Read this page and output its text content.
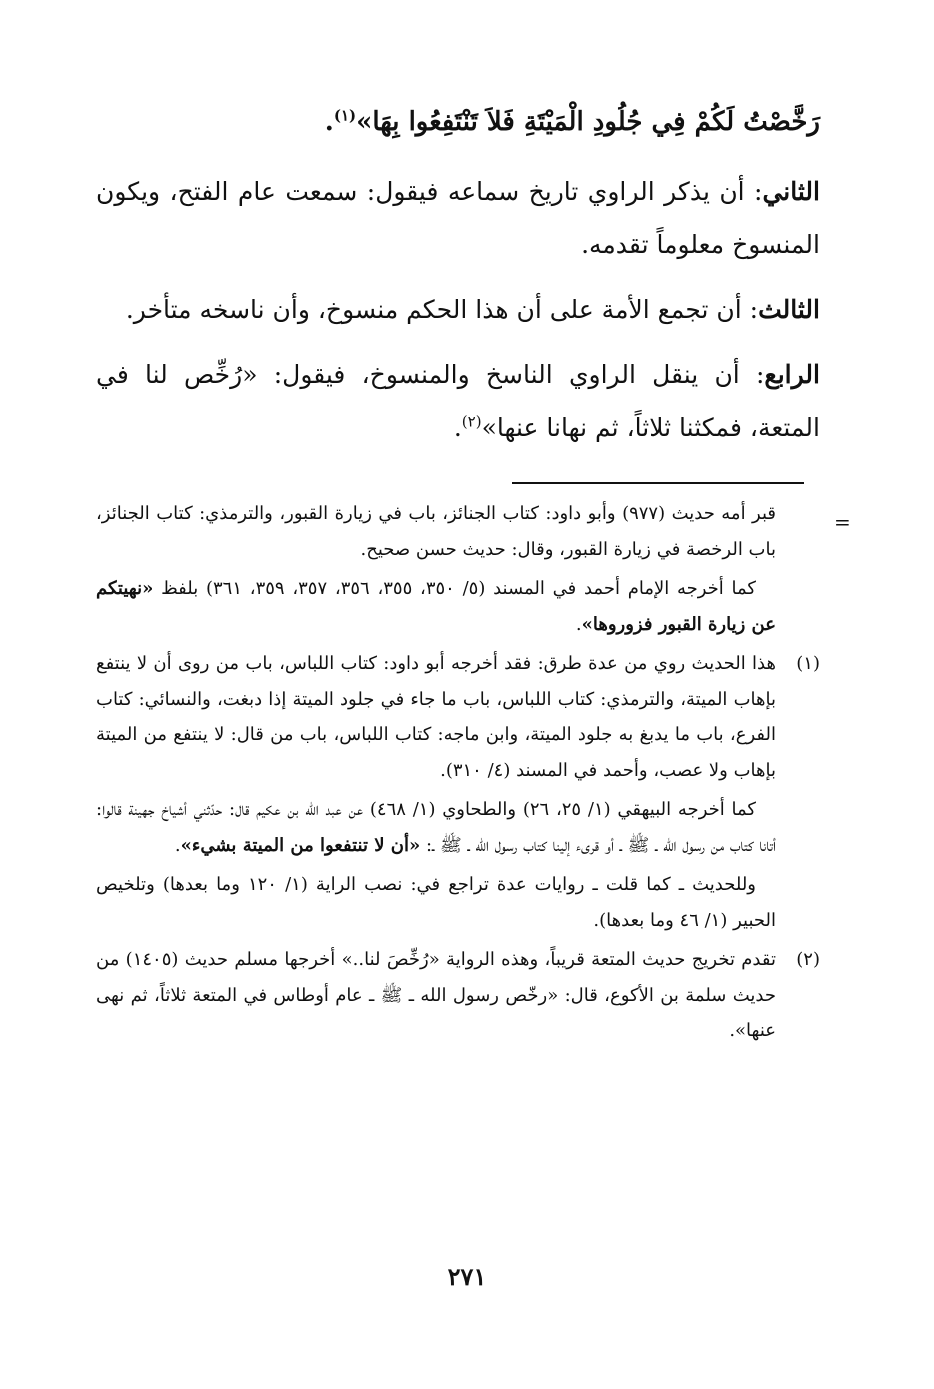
رَخَّصْتُ لَكُمْ فِي جُلُودِ الْمَيْتَةِ فَلاَ تَنْتَفِعُوا بِهَا»$^{(١)}$.

الثاني: أن يذكر الراوي تاريخ سماعه فيقول: سمعت عام الفتح، ويكون المنسوخ معلوماً تقدمه.

الثالث: أن تجمع الأمة على أن هذا الحكم منسوخ، وأن ناسخه متأخر.

الرابع: أن ينقل الراوي الناسخ والمنسوخ، فيقول: «رُخِّص لنا في المتعة، فمكثنا ثلاثاً، ثم نهانا عنها»$^{(٢)}$.

=

قبر أمه حديث (٩٧٧) وأبو داود: كتاب الجنائز، باب في زيارة القبور، والترمذي: كتاب الجنائز، باب الرخصة في زيارة القبور، وقال: حديث حسن صحيح.

كما أخرجه الإمام أحمد في المسند (٥/ ٣٥٠، ٣٥٥، ٣٥٦، ٣٥٧، ٣٥٩، ٣٦١) بلفظ «نهيتكم عن زيارة القبور فزوروها».

(١)
هذا الحديث روي من عدة طرق: فقد أخرجه أبو داود: كتاب اللباس، باب من روى أن لا ينتفع بإهاب الميتة، والترمذي: كتاب اللباس، باب ما جاء في جلود الميتة إذا دبغت، والنسائي: كتاب الفرع، باب ما يدبغ به جلود الميتة، وابن ماجه: كتاب اللباس، باب من قال: لا ينتفع من الميتة بإهاب ولا عصب، وأحمد في المسند (٤/ ٣١٠).

كما أخرجه البيهقي (١/ ٢٥، ٢٦) والطحاوي (١/ ٤٦٨) عن عبد الله بن عكيم قال: حدّثني أشياخ جهينة قالوا: أتانا كتاب من رسول الله ـ ﷺ ـ أو قرىء إلينا كتاب رسول الله ـ ﷺ ـ: «أن لا تنتفعوا من الميتة بشيء».

وللحديث ـ كما قلت ـ روايات عدة تراجع في: نصب الراية (١/ ١٢٠ وما بعدها) وتلخيص الحبير (١/ ٤٦ وما بعدها).

(٢)
تقدم تخريج حديث المتعة قريباً، وهذه الرواية «رُخِّصَ لنا..» أخرجها مسلم حديث (١٤٠٥) من حديث سلمة بن الأكوع، قال: «رخّص رسول الله ـ ﷺ ـ عام أوطاس في المتعة ثلاثاً، ثم نهى عنها».

٢٧١
